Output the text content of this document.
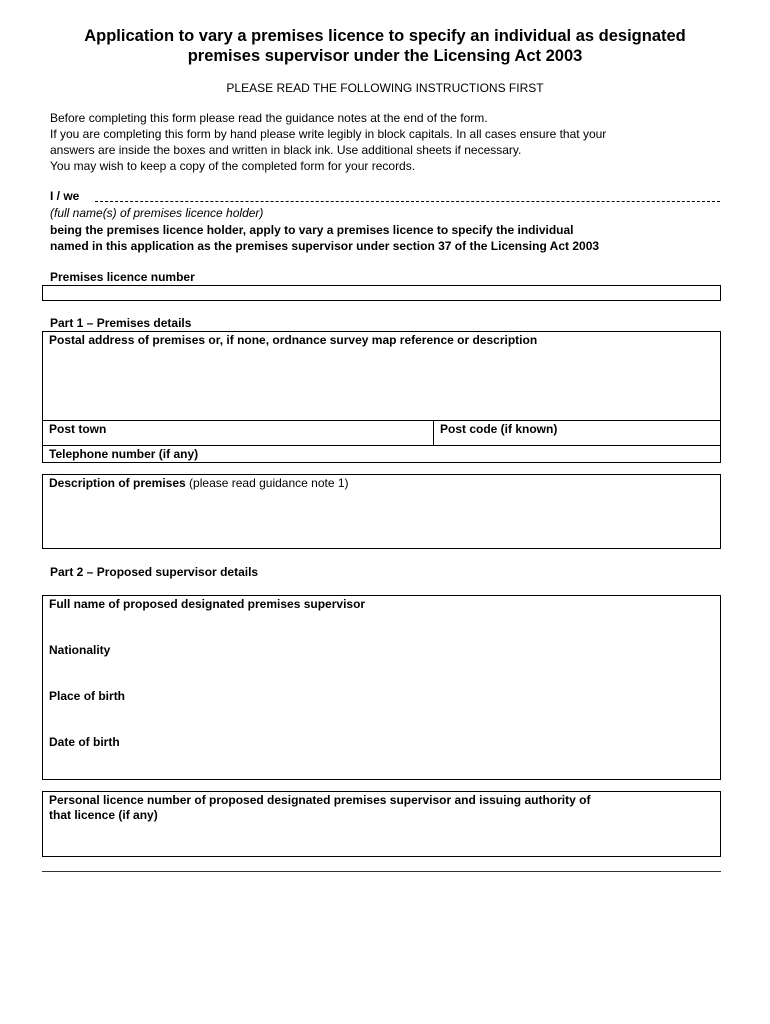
Application to vary a premises licence to specify an individual as designated
premises supervisor under the Licensing Act 2003
PLEASE READ THE FOLLOWING INSTRUCTIONS FIRST

Before completing this form please read the guidance notes at the end of the form.

If you are completing this form by hand please write legibly in block capitals. In all cases ensure that your

answers are inside the boxes and written in black ink. Use additional sheets if necessary.

You may wish to keep a copy of the completed form for your records.

I / we
(full name(s) of premises licence holder)
being the premises licence holder, apply to vary a premises licence to specify the individual
named in this application as the premises supervisor under section 37 of the Licensing Act 2003
Premises licence number
Part 1 – Premises details
Postal address of premises or, if none, ordnance survey map reference or description
Post town	Post code (if known)
Telephone number (if any)
Description of premises (please read guidance note 1)
Part 2 – Proposed supervisor details
Full name of proposed designated premises supervisor
Nationality
Place of birth
Date of birth
Personal licence number of proposed designated premises supervisor and issuing authority of
that licence (if any)
